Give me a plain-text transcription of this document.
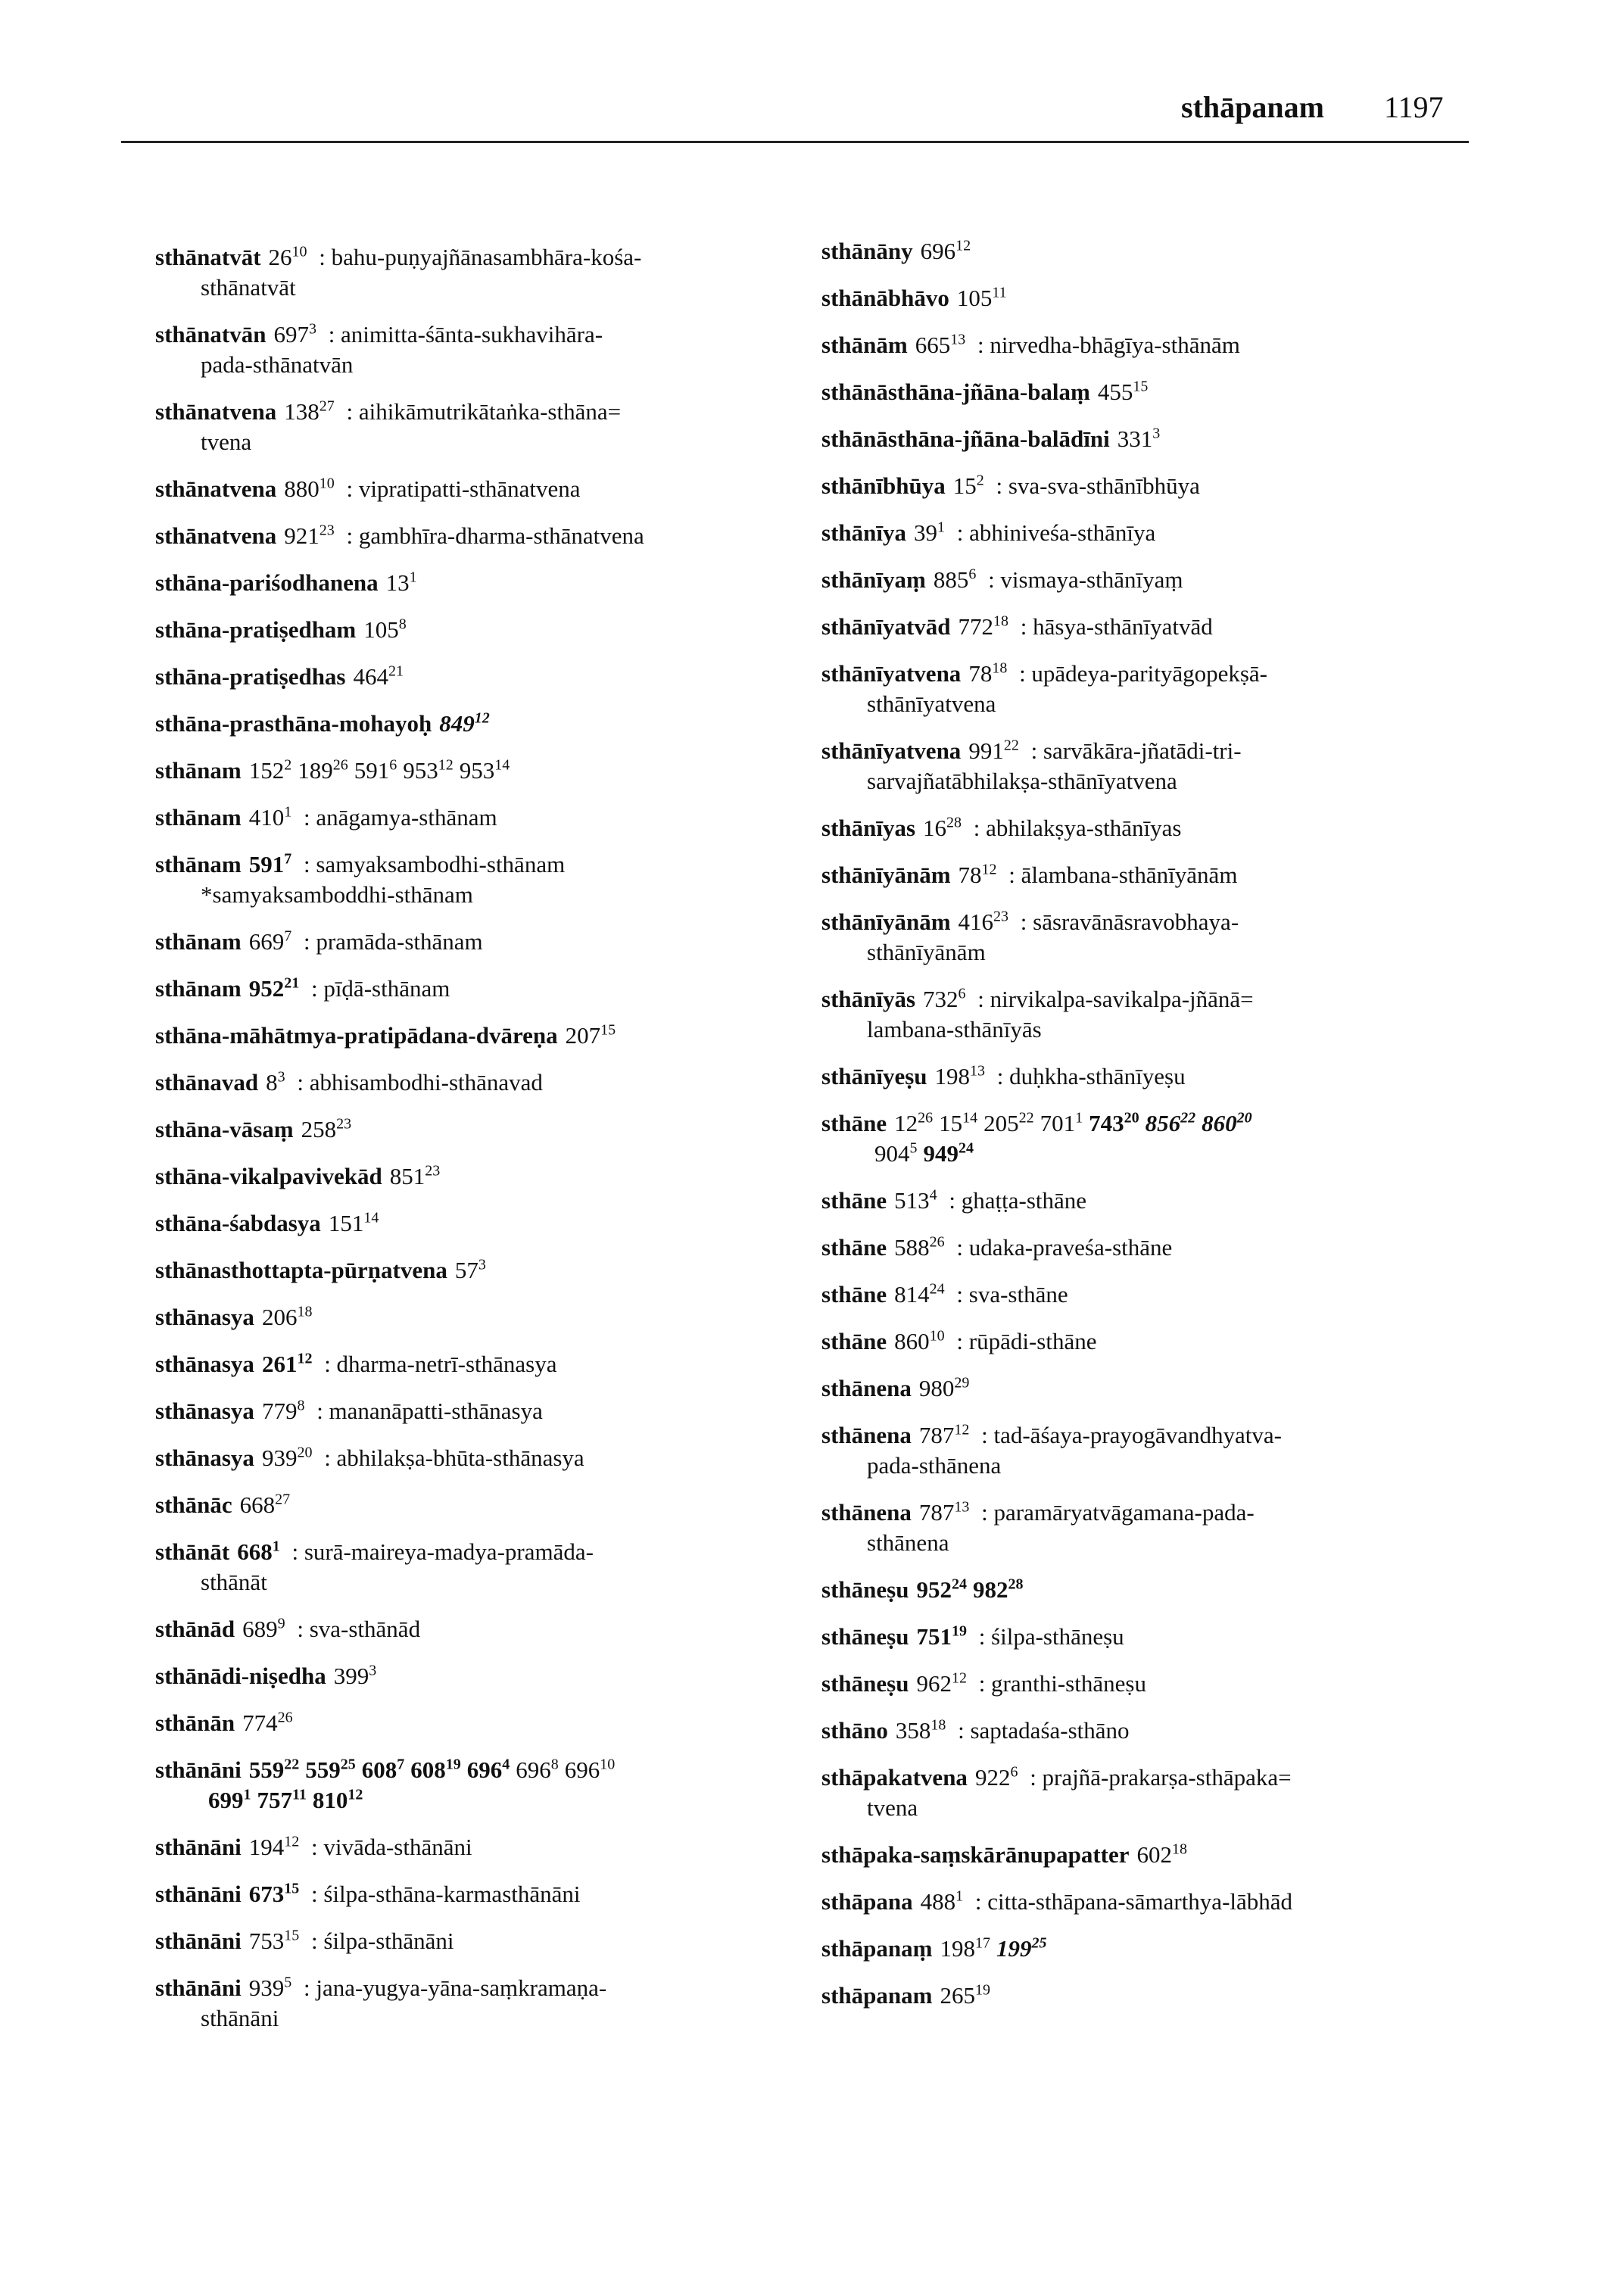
sthāpanam 1197
sthānatvāt $26^{10}$ : bahu-puṇyajñānasambhāra-kośa-
sthānatvāt
sthānatvān $697^3$ : animitta-śānta-sukhavihāra-
pada-sthānatvān
sthānatvena $138^{27}$ : aihikāmutrikātaṅka-sthāna=
tvena
sthānatvena $880^{10}$ : vipratipatti-sthānatvena
sthānatvena $921^{23}$ : gambhīra-dharma-sthānatvena
sthāna-pariśodhanena $13^1$
sthāna-pratiṣedham $105^8$
sthāna-pratiṣedhas $464^{21}$
sthāna-prasthāna-mohayoḥ $849^{12}$
sthānam $152^2$ $189^{26}$ $591^6$ $953^{12}$ $953^{14}$
sthānam $410^1$ : anāgamya-sthānam
sthānam $591^7$ : samyaksambodhi-sthānam
*samyaksamboddhi-sthānam
sthānam $669^7$ : pramāda-sthānam
sthānam $952^{21}$ : pīḍā-sthānam
sthāna-māhātmya-pratipādana-dvāreṇa $207^{15}$
sthānavad $8^3$ : abhisambodhi-sthānavad
sthāna-vāsaṃ $258^{23}$
sthāna-vikalpavivekād $851^{23}$
sthāna-śabdasya $151^{14}$
sthānasthottapta-pūrṇatvena $57^3$
sthānasya $206^{18}$
sthānasya $261^{12}$ : dharma-netrī-sthānasya
sthānasya $779^8$ : mananāpatti-sthānasya
sthānasya $939^{20}$ : abhilakṣa-bhūta-sthānasya
sthānāc $668^{27}$
sthānāt $668^1$ : surā-maireya-madya-pramāda-
sthānāt
sthānād $689^9$ : sva-sthānād
sthānādi-niṣedha $399^3$
sthānān $774^{26}$
sthānāni $559^{22}$ $559^{25}$ $608^7$ $608^{19}$ $696^4$ $696^8$ $696^{10}$
$699^1$ $757^{11}$ $810^{12}$
sthānāni $194^{12}$ : vivāda-sthānāni
sthānāni $673^{15}$ : śilpa-sthāna-karmasthānāni
sthānāni $753^{15}$ : śilpa-sthānāni
sthānāni $939^5$ : jana-yugya-yāna-saṃkramaṇa-
sthānāni
sthānāny $696^{12}$
sthānābhāvo $105^{11}$
sthānām $665^{13}$ : nirvedha-bhāgīya-sthānām
sthānāsthāna-jñāna-balaṃ $455^{15}$
sthānāsthāna-jñāna-balādīni $331^3$
sthānībhūya $15^2$ : sva-sva-sthānībhūya
sthānīya $39^1$ : abhiniveśa-sthānīya
sthānīyaṃ $885^6$ : vismaya-sthānīyaṃ
sthānīyatvād $772^{18}$ : hāsya-sthānīyatvād
sthānīyatvena $78^{18}$ : upādeya-parityāgopekṣā-
sthānīyatvena
sthānīyatvena $991^{22}$ : sarvākāra-jñatādi-tri-
sarvajñatābhilakṣa-sthānīyatvena
sthānīyas $16^{28}$ : abhilakṣya-sthānīyas
sthānīyānām $78^{12}$ : ālambana-sthānīyānām
sthānīyānām $416^{23}$ : sāsravānāsravobhaya-
sthānīyānām
sthānīyās $732^6$ : nirvikalpa-savikalpa-jñānā=
lambana-sthānīyās
sthānīyeṣu $198^{13}$ : duḥkha-sthānīyeṣu
sthāne $12^{26}$ $15^{14}$ $205^{22}$ $701^1$ $743^{20}$ $856^{22}$ $860^{20}$
$904^5$ $949^{24}$
sthāne $513^4$ : ghaṭṭa-sthāne
sthāne $588^{26}$ : udaka-praveśa-sthāne
sthāne $814^{24}$ : sva-sthāne
sthāne $860^{10}$ : rūpādi-sthāne
sthānena $980^{29}$
sthānena $787^{12}$ : tad-āśaya-prayogāvandhyatva-
pada-sthānena
sthānena $787^{13}$ : paramāryatvāgamana-pada-
sthānena
sthāneṣu $952^{24}$ $982^{28}$
sthāneṣu $751^{19}$ : śilpa-sthāneṣu
sthāneṣu $962^{12}$ : granthi-sthāneṣu
sthāno $358^{18}$ : saptadaśa-sthāno
sthāpakatvena $922^6$ : prajñā-prakarṣa-sthāpaka=
tvena
sthāpaka-saṃskārānupapatter $602^{18}$
sthāpana $488^1$ : citta-sthāpana-sāmarthya-lābhād
sthāpanaṃ $198^{17}$ $199^{25}$
sthāpanam $265^{19}$
